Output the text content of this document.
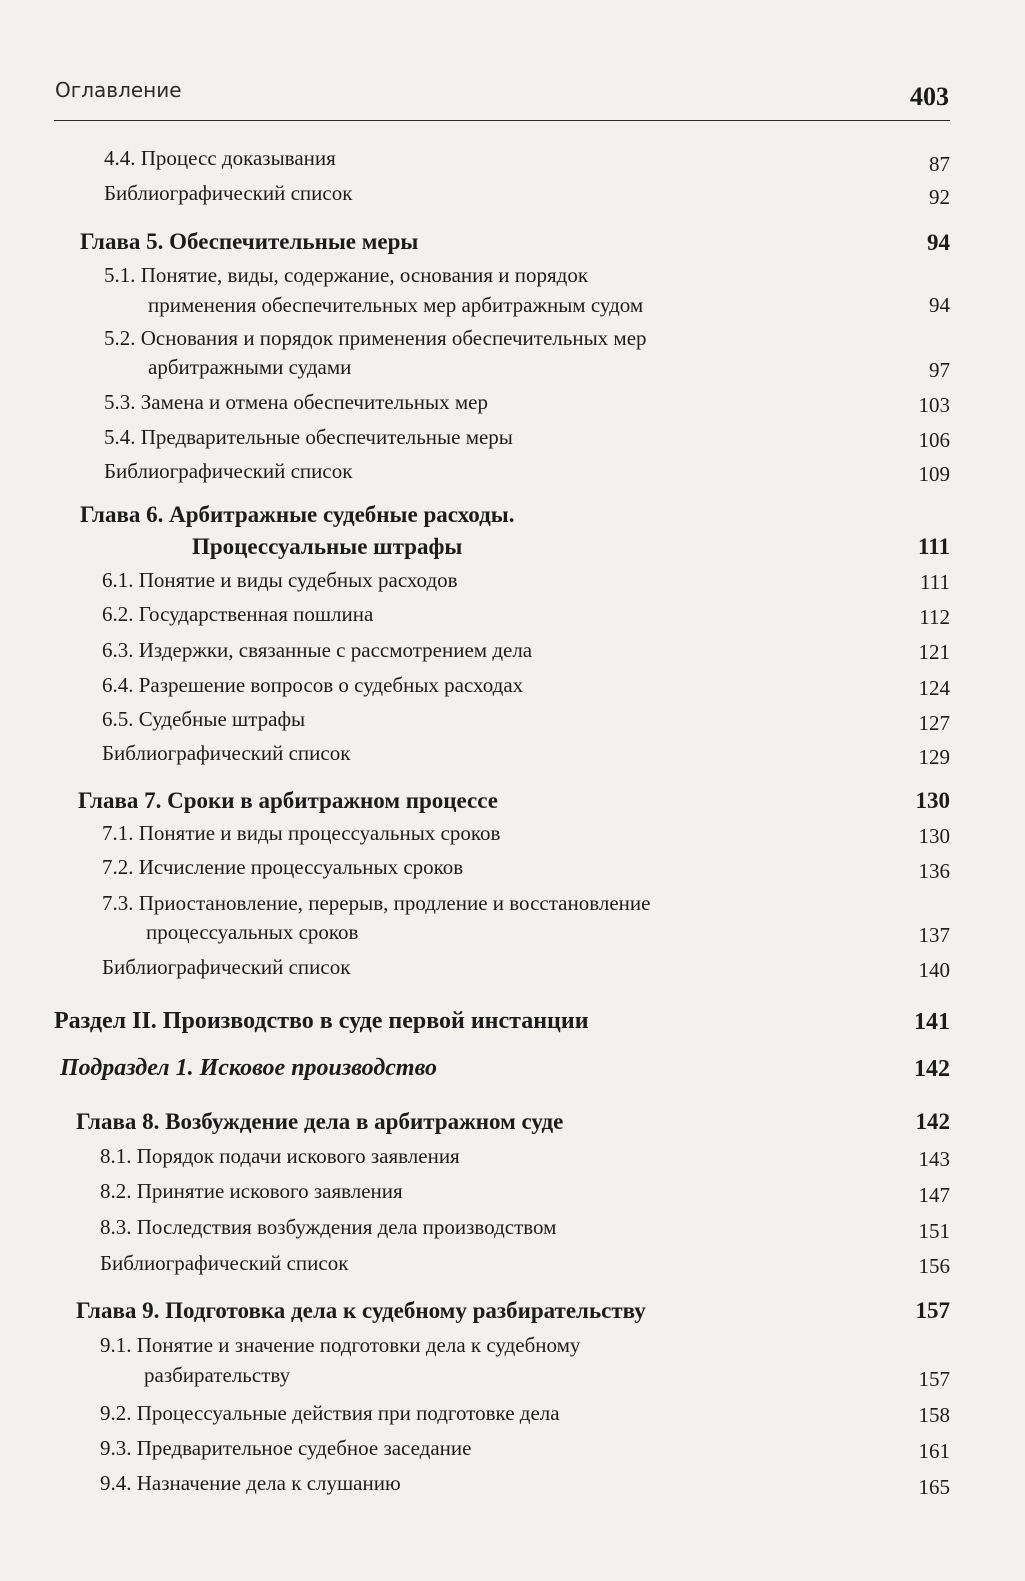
Оглавление	403
4.4. Процесс доказывания	87
Библиографический список	92
Глава 5. Обеспечительные меры	94
5.1. Понятие, виды, содержание, основания и порядок
применения обеспечительных мер арбитражным судом	94
5.2. Основания и порядок применения обеспечительных мер
арбитражными судами	97
5.3. Замена и отмена обеспечительных мер	103
5.4. Предварительные обеспечительные меры	106
Библиографический список	109
Глава 6. Арбитражные судебные расходы.
Процессуальные штрафы	111
6.1. Понятие и виды судебных расходов	111
6.2. Государственная пошлина	112
6.3. Издержки, связанные с рассмотрением дела	121
6.4. Разрешение вопросов о судебных расходах	124
6.5. Судебные штрафы	127
Библиографический список	129
Глава 7. Сроки в арбитражном процессе	130
7.1. Понятие и виды процессуальных сроков	130
7.2. Исчисление процессуальных сроков	136
7.3. Приостановление, перерыв, продление и восстановление
процессуальных сроков	137
Библиографический список	140
Раздел II. Производство в суде первой инстанции	141
Подраздел 1. Исковое производство	142
Глава 8. Возбуждение дела в арбитражном суде	142
8.1. Порядок подачи искового заявления	143
8.2. Принятие искового заявления	147
8.3. Последствия возбуждения дела производством	151
Библиографический список	156
Глава 9. Подготовка дела к судебному разбирательству	157
9.1. Понятие и значение подготовки дела к судебному
разбирательству	157
9.2. Процессуальные действия при подготовке дела	158
9.3. Предварительное судебное заседание	161
9.4. Назначение дела к слушанию	165
